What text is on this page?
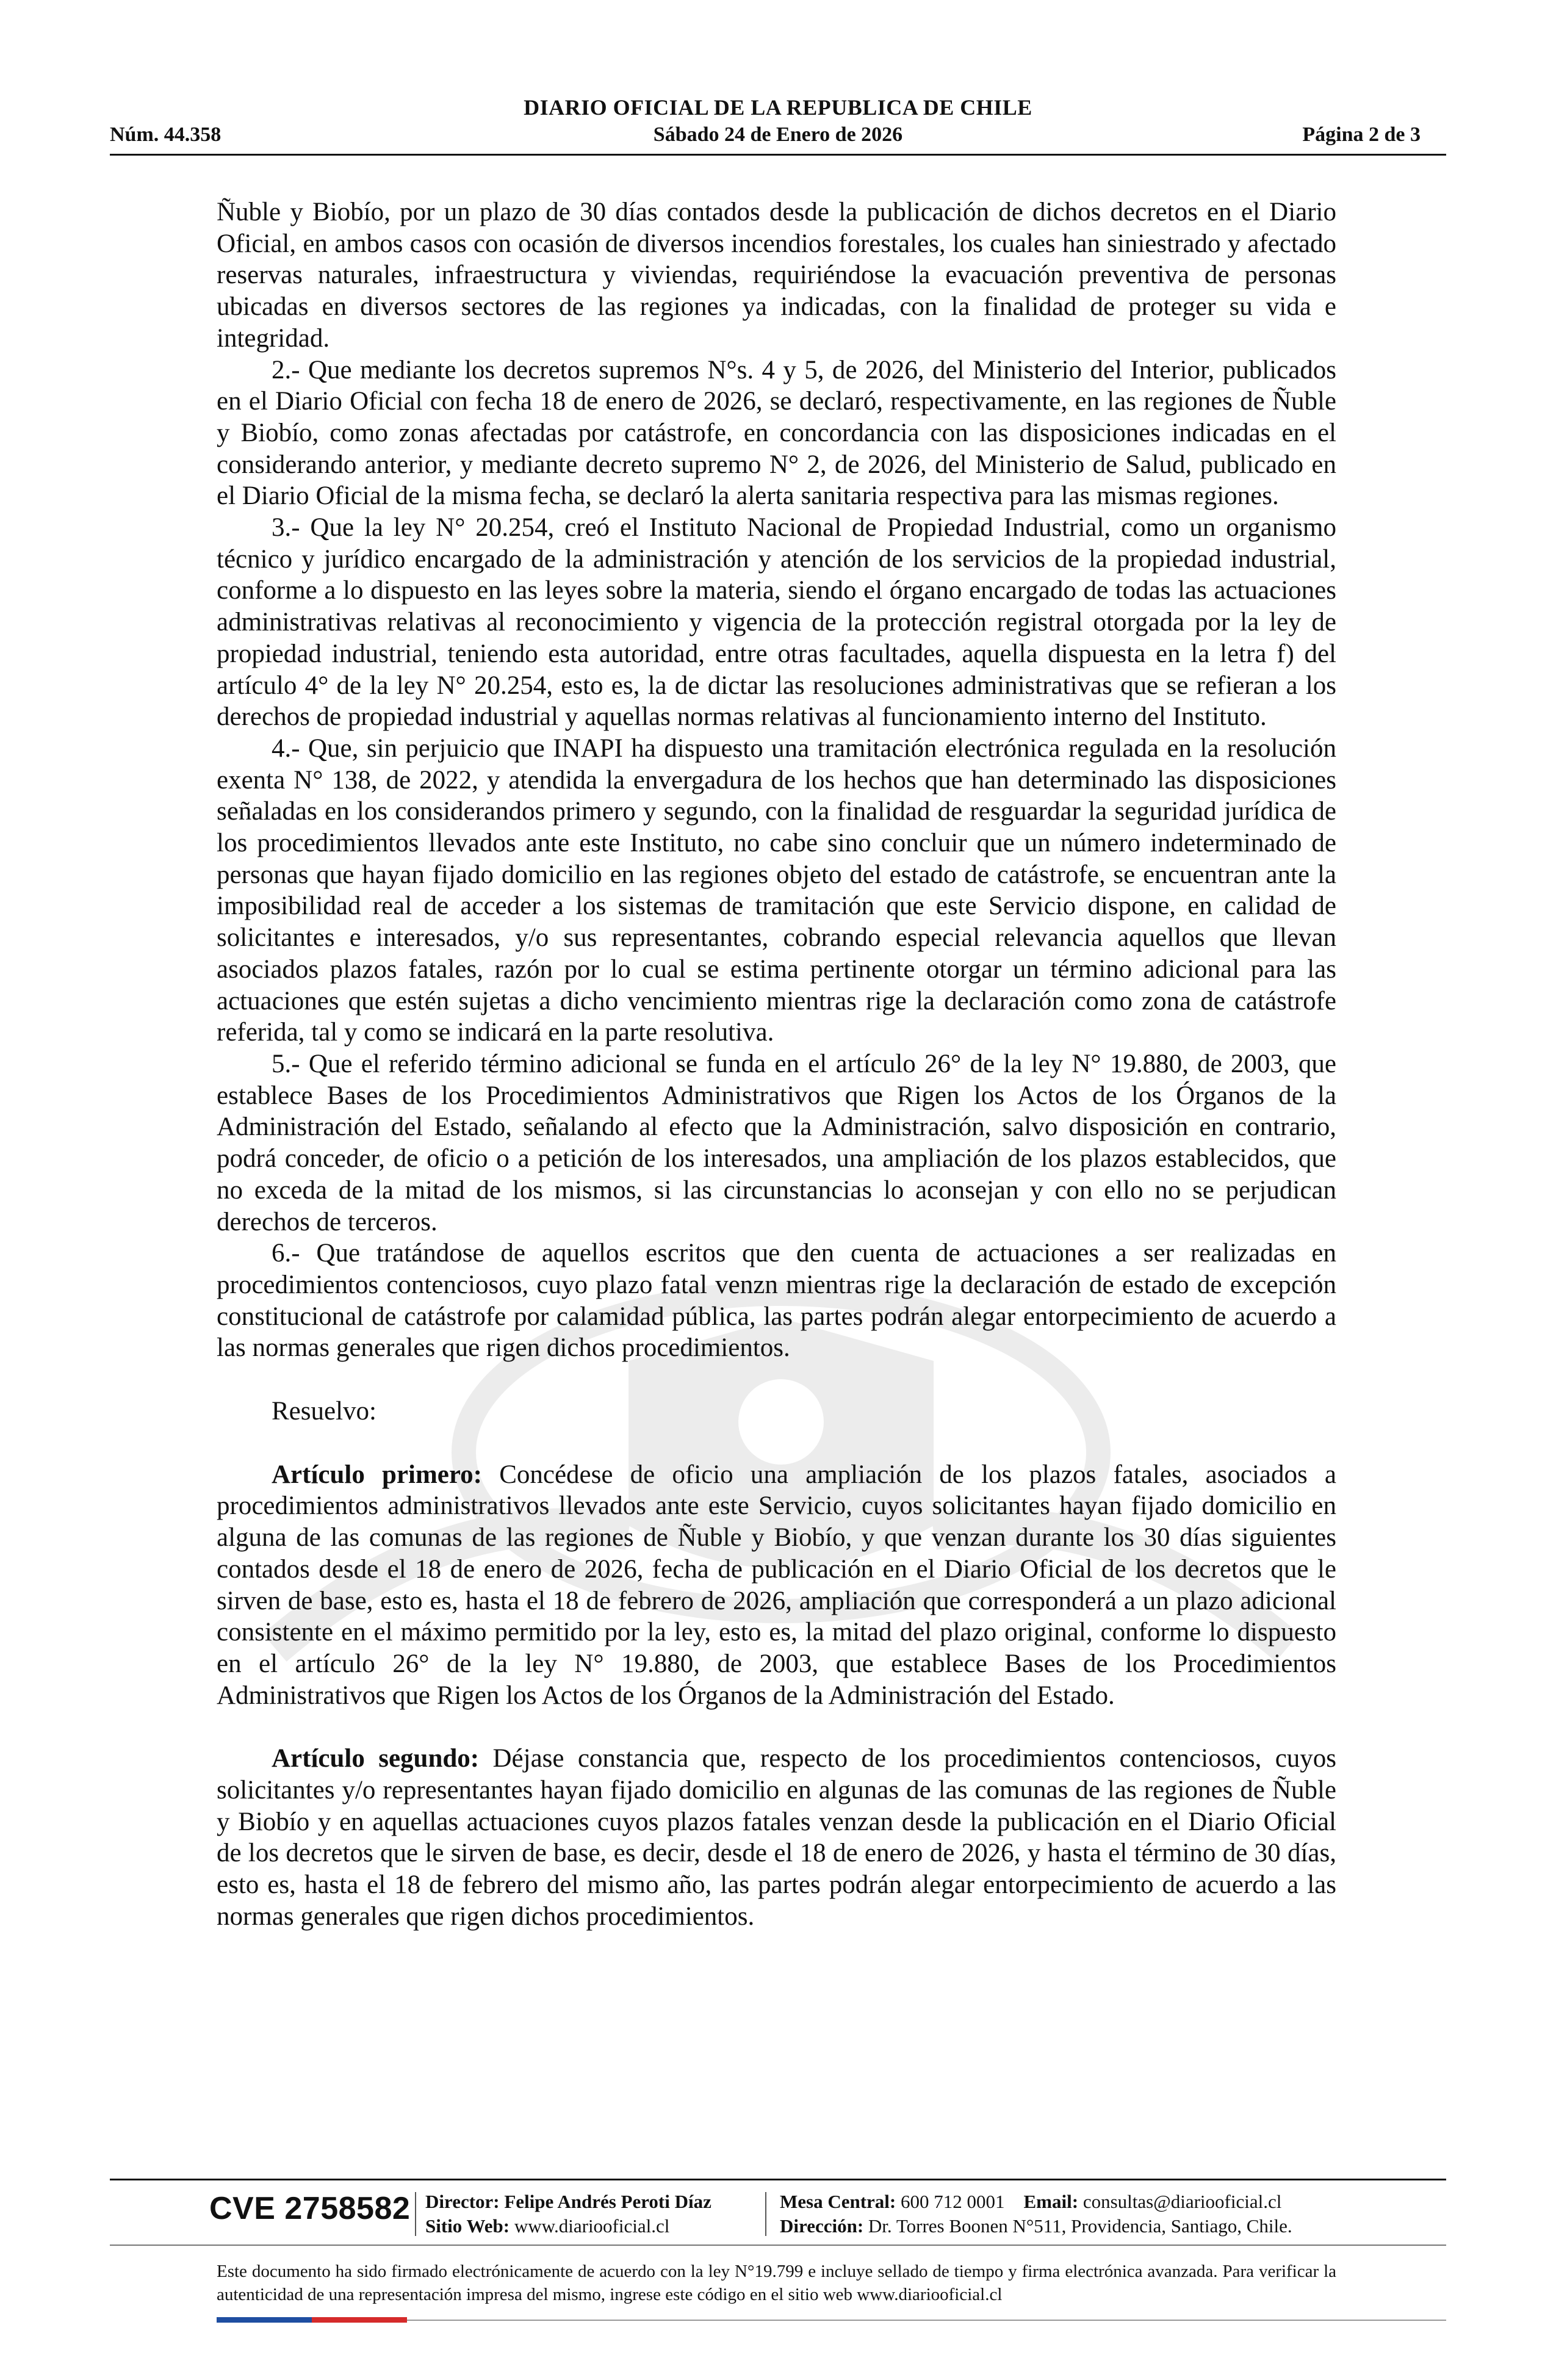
DIARIO OFICIAL DE LA REPUBLICA DE CHILE
Núm. 44.358	Sábado 24 de Enero de 2026	Página 2 de 3

Ñuble y Biobío, por un plazo de 30 días contados desde la publicación de dichos decretos en el Diario Oficial, en ambos casos con ocasión de diversos incendios forestales, los cuales han siniestrado y afectado reservas naturales, infraestructura y viviendas, requiriéndose la evacuación preventiva de personas ubicadas en diversos sectores de las regiones ya indicadas, con la finalidad de proteger su vida e integridad.

2.- Que mediante los decretos supremos N°s. 4 y 5, de 2026, del Ministerio del Interior, publicados en el Diario Oficial con fecha 18 de enero de 2026, se declaró, respectivamente, en las regiones de Ñuble y Biobío, como zonas afectadas por catástrofe, en concordancia con las disposiciones indicadas en el considerando anterior, y mediante decreto supremo N° 2, de 2026, del Ministerio de Salud, publicado en el Diario Oficial de la misma fecha, se declaró la alerta sanitaria respectiva para las mismas regiones.

3.- Que la ley N° 20.254, creó el Instituto Nacional de Propiedad Industrial, como un organismo técnico y jurídico encargado de la administración y atención de los servicios de la propiedad industrial, conforme a lo dispuesto en las leyes sobre la materia, siendo el órgano encargado de todas las actuaciones administrativas relativas al reconocimiento y vigencia de la protección registral otorgada por la ley de propiedad industrial, teniendo esta autoridad, entre otras facultades, aquella dispuesta en la letra f) del artículo 4° de la ley N° 20.254, esto es, la de dictar las resoluciones administrativas que se refieran a los derechos de propiedad industrial y aquellas normas relativas al funcionamiento interno del Instituto.

4.- Que, sin perjuicio que INAPI ha dispuesto una tramitación electrónica regulada en la resolución exenta N° 138, de 2022, y atendida la envergadura de los hechos que han determinado las disposiciones señaladas en los considerandos primero y segundo, con la finalidad de resguardar la seguridad jurídica de los procedimientos llevados ante este Instituto, no cabe sino concluir que un número indeterminado de personas que hayan fijado domicilio en las regiones objeto del estado de catástrofe, se encuentran ante la imposibilidad real de acceder a los sistemas de tramitación que este Servicio dispone, en calidad de solicitantes e interesados, y/o sus representantes, cobrando especial relevancia aquellos que llevan asociados plazos fatales, razón por lo cual se estima pertinente otorgar un término adicional para las actuaciones que estén sujetas a dicho vencimiento mientras rige la declaración como zona de catástrofe referida, tal y como se indicará en la parte resolutiva.

5.- Que el referido término adicional se funda en el artículo 26° de la ley N° 19.880, de 2003, que establece Bases de los Procedimientos Administrativos que Rigen los Actos de los Órganos de la Administración del Estado, señalando al efecto que la Administración, salvo disposición en contrario, podrá conceder, de oficio o a petición de los interesados, una ampliación de los plazos establecidos, que no exceda de la mitad de los mismos, si las circunstancias lo aconsejan y con ello no se perjudican derechos de terceros.

6.- Que tratándose de aquellos escritos que den cuenta de actuaciones a ser realizadas en procedimientos contenciosos, cuyo plazo fatal venzn mientras rige la declaración de estado de excepción constitucional de catástrofe por calamidad pública, las partes podrán alegar entorpecimiento de acuerdo a las normas generales que rigen dichos procedimientos.

Resuelvo:

Artículo primero: Concédese de oficio una ampliación de los plazos fatales, asociados a procedimientos administrativos llevados ante este Servicio, cuyos solicitantes hayan fijado domicilio en alguna de las comunas de las regiones de Ñuble y Biobío, y que venzan durante los 30 días siguientes contados desde el 18 de enero de 2026, fecha de publicación en el Diario Oficial de los decretos que le sirven de base, esto es, hasta el 18 de febrero de 2026, ampliación que corresponderá a un plazo adicional consistente en el máximo permitido por la ley, esto es, la mitad del plazo original, conforme lo dispuesto en el artículo 26° de la ley N° 19.880, de 2003, que establece Bases de los Procedimientos Administrativos que Rigen los Actos de los Órganos de la Administración del Estado.

Artículo segundo: Déjase constancia que, respecto de los procedimientos contenciosos, cuyos solicitantes y/o representantes hayan fijado domicilio en algunas de las comunas de las regiones de Ñuble y Biobío y en aquellas actuaciones cuyos plazos fatales venzan desde la publicación en el Diario Oficial de los decretos que le sirven de base, es decir, desde el 18 de enero de 2026, y hasta el término de 30 días, esto es, hasta el 18 de febrero del mismo año, las partes podrán alegar entorpecimiento de acuerdo a las normas generales que rigen dichos procedimientos.

CVE 2758582 Director: Felipe Andrés Peroti Díaz
Sitio Web: www.diariooficial.cl
Mesa Central: 600 712 0001 Email: consultas@diariooficial.cl
Dirección: Dr. Torres Boonen N°511, Providencia, Santiago, Chile.
Este documento ha sido firmado electrónicamente de acuerdo con la ley N°19.799 e incluye sellado de tiempo y firma electrónica avanzada. Para verificar la autenticidad de una representación impresa del mismo, ingrese este código en el sitio web www.diariooficial.cl
